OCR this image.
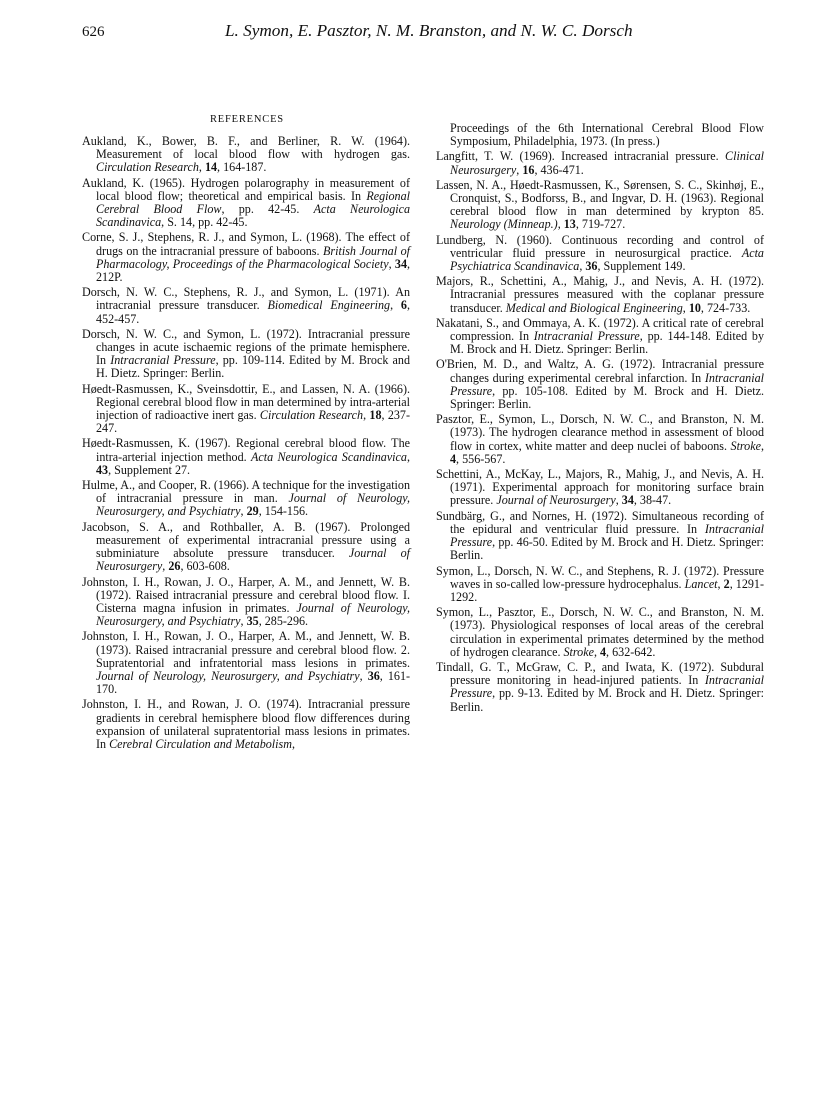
626	L. Symon, E. Pasztor, N. M. Branston, and N. W. C. Dorsch
REFERENCES

Aukland, K., Bower, B. F., and Berliner, R. W. (1964). Measurement of local blood flow with hydrogen gas. Circulation Research, 14, 164-187.

Aukland, K. (1965). Hydrogen polarography in measurement of local blood flow; theoretical and empirical basis. In Regional Cerebral Blood Flow, pp. 42-45. Acta Neurologica Scandinavica, S. 14, pp. 42-45.

Corne, S. J., Stephens, R. J., and Symon, L. (1968). The effect of drugs on the intracranial pressure of baboons. British Journal of Pharmacology, Proceedings of the Pharmacological Society, 34, 212P.

Dorsch, N. W. C., Stephens, R. J., and Symon, L. (1971). An intracranial pressure transducer. Biomedical Engineering, 6, 452-457.

Dorsch, N. W. C., and Symon, L. (1972). Intracranial pressure changes in acute ischaemic regions of the primate hemisphere. In Intracranial Pressure, pp. 109-114. Edited by M. Brock and H. Dietz. Springer: Berlin.

Høedt-Rasmussen, K., Sveinsdottir, E., and Lassen, N. A. (1966). Regional cerebral blood flow in man determined by intra-arterial injection of radioactive inert gas. Circulation Research, 18, 237-247.

Høedt-Rasmussen, K. (1967). Regional cerebral blood flow. The intra-arterial injection method. Acta Neurologica Scandinavica, 43, Supplement 27.

Hulme, A., and Cooper, R. (1966). A technique for the investigation of intracranial pressure in man. Journal of Neurology, Neurosurgery, and Psychiatry, 29, 154-156.

Jacobson, S. A., and Rothballer, A. B. (1967). Prolonged measurement of experimental intracranial pressure using a subminiature absolute pressure transducer. Journal of Neurosurgery, 26, 603-608.

Johnston, I. H., Rowan, J. O., Harper, A. M., and Jennett, W. B. (1972). Raised intracranial pressure and cerebral blood flow. I. Cisterna magna infusion in primates. Journal of Neurology, Neurosurgery, and Psychiatry, 35, 285-296.

Johnston, I. H., Rowan, J. O., Harper, A. M., and Jennett, W. B. (1973). Raised intracranial pressure and cerebral blood flow. 2. Supratentorial and infratentorial mass lesions in primates. Journal of Neurology, Neurosurgery, and Psychiatry, 36, 161-170.

Johnston, I. H., and Rowan, J. O. (1974). Intracranial pressure gradients in cerebral hemisphere blood flow differences during expansion of unilateral supratentorial mass lesions in primates. In Cerebral Circulation and Metabolism,

Proceedings of the 6th International Cerebral Blood Flow Symposium, Philadelphia, 1973. (In press.)

Langfitt, T. W. (1969). Increased intracranial pressure. Clinical Neurosurgery, 16, 436-471.

Lassen, N. A., Høedt-Rasmussen, K., Sørensen, S. C., Skinhøj, E., Cronquist, S., Bodforss, B., and Ingvar, D. H. (1963). Regional cerebral blood flow in man determined by krypton 85. Neurology (Minneap.), 13, 719-727.

Lundberg, N. (1960). Continuous recording and control of ventricular fluid pressure in neurosurgical practice. Acta Psychiatrica Scandinavica, 36, Supplement 149.

Majors, R., Schettini, A., Mahig, J., and Nevis, A. H. (1972). Intracranial pressures measured with the coplanar pressure transducer. Medical and Biological Engineering, 10, 724-733.

Nakatani, S., and Ommaya, A. K. (1972). A critical rate of cerebral compression. In Intracranial Pressure, pp. 144-148. Edited by M. Brock and H. Dietz. Springer: Berlin.

O'Brien, M. D., and Waltz, A. G. (1972). Intracranial pressure changes during experimental cerebral infarction. In Intracranial Pressure, pp. 105-108. Edited by M. Brock and H. Dietz. Springer: Berlin.

Pasztor, E., Symon, L., Dorsch, N. W. C., and Branston, N. M. (1973). The hydrogen clearance method in assessment of blood flow in cortex, white matter and deep nuclei of baboons. Stroke, 4, 556-567.

Schettini, A., McKay, L., Majors, R., Mahig, J., and Nevis, A. H. (1971). Experimental approach for monitoring surface brain pressure. Journal of Neurosurgery, 34, 38-47.

Sundbärg, G., and Nornes, H. (1972). Simultaneous recording of the epidural and ventricular fluid pressure. In Intracranial Pressure, pp. 46-50. Edited by M. Brock and H. Dietz. Springer: Berlin.

Symon, L., Dorsch, N. W. C., and Stephens, R. J. (1972). Pressure waves in so-called low-pressure hydrocephalus. Lancet, 2, 1291-1292.

Symon, L., Pasztor, E., Dorsch, N. W. C., and Branston, N. M. (1973). Physiological responses of local areas of the cerebral circulation in experimental primates determined by the method of hydrogen clearance. Stroke, 4, 632-642.

Tindall, G. T., McGraw, C. P., and Iwata, K. (1972). Subdural pressure monitoring in head-injured patients. In Intracranial Pressure, pp. 9-13. Edited by M. Brock and H. Dietz. Springer: Berlin.
